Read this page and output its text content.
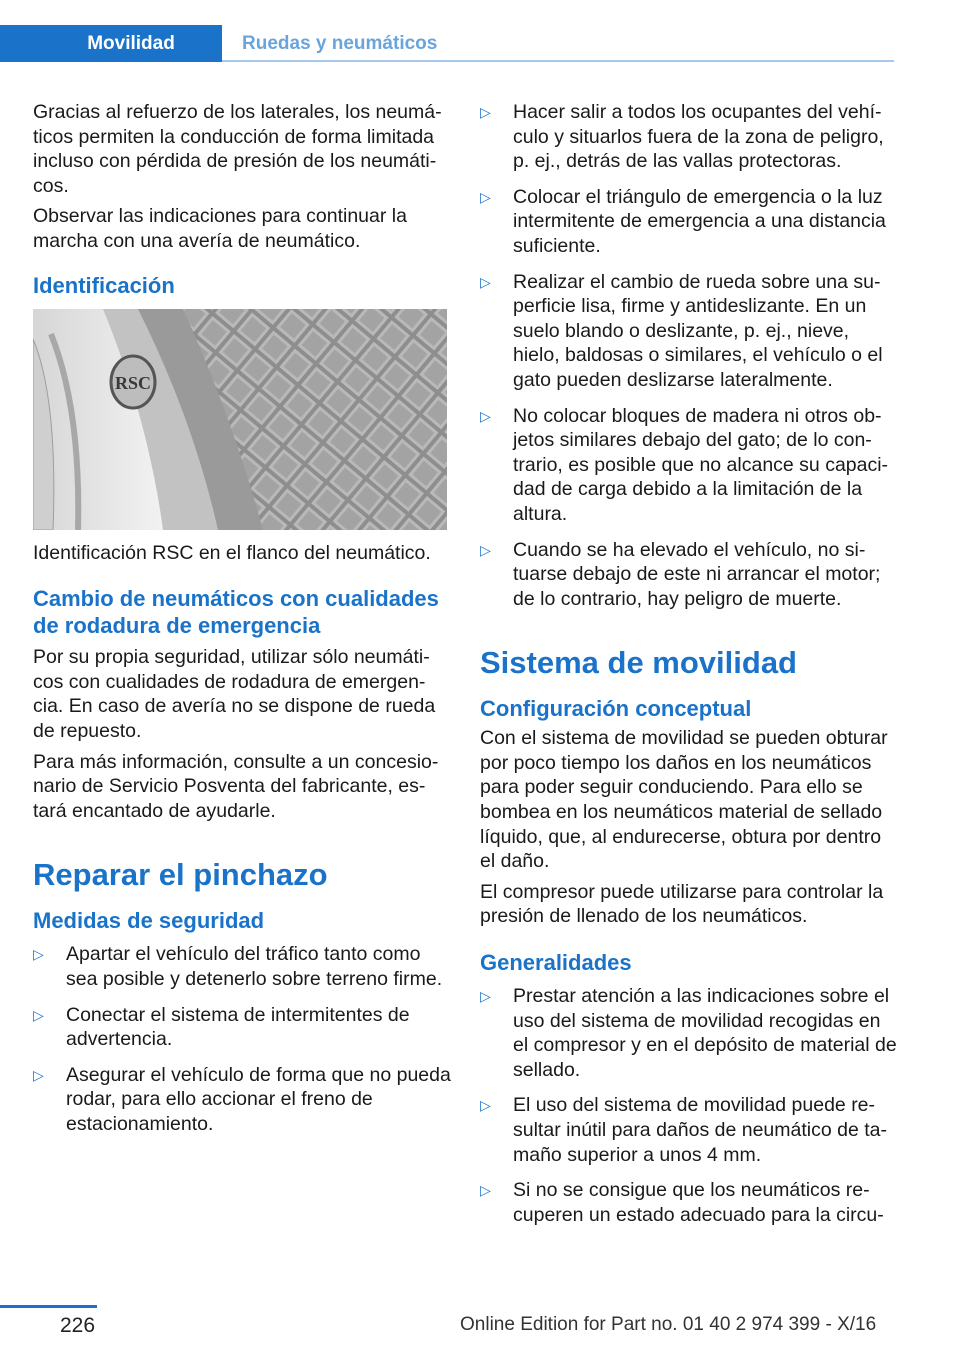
Movilidad	Ruedas y neumáticos

Gracias al refuerzo de los laterales, los neumá‐ticos permiten la conducción de forma limitada incluso con pérdida de presión de los neumáti‐cos.

Observar las indicaciones para continuar la marcha con una avería de neumático.

Identificación
RSC

Identificación RSC en el flanco del neumático.

Cambio de neumáticos con cualidades de rodadura de emergencia

Por su propia seguridad, utilizar sólo neumáti‐cos con cualidades de rodadura de emergen‐cia. En caso de avería no se dispone de rueda de repuesto.

Para más información, consulte a un concesio‐nario de Servicio Posventa del fabricante, es‐tará encantado de ayudarle.

Reparar el pinchazo
Medidas de seguridad
▷ Apartar el vehículo del tráfico tanto como sea posible y detenerlo sobre terreno firme.
▷ Conectar el sistema de intermitentes de advertencia.
▷ Asegurar el vehículo de forma que no pueda rodar, para ello accionar el freno de estacionamiento.
▷ Hacer salir a todos los ocupantes del vehí‐culo y situarlos fuera de la zona de peligro, p. ej., detrás de las vallas protectoras.
▷ Colocar el triángulo de emergencia o la luz intermitente de emergencia a una distancia suficiente.
▷ Realizar el cambio de rueda sobre una su‐perficie lisa, firme y antideslizante. En un suelo blando o deslizante, p. ej., nieve, hielo, baldosas o similares, el vehículo o el gato pueden deslizarse lateralmente.
▷ No colocar bloques de madera ni otros ob‐jetos similares debajo del gato; de lo con‐trario, es posible que no alcance su capaci‐dad de carga debido a la limitación de la altura.
▷ Cuando se ha elevado el vehículo, no si‐tuarse debajo de este ni arrancar el motor; de lo contrario, hay peligro de muerte.
Sistema de movilidad
Configuración conceptual

Con el sistema de movilidad se pueden obturar por poco tiempo los daños en los neumáticos para poder seguir conduciendo. Para ello se bombea en los neumáticos material de sellado líquido, que, al endurecerse, obtura por dentro el daño.

El compresor puede utilizarse para controlar la presión de llenado de los neumáticos.

Generalidades
▷ Prestar atención a las indicaciones sobre el uso del sistema de movilidad recogidas en el compresor y en el depósito de material de sellado.
▷ El uso del sistema de movilidad puede re‐sultar inútil para daños de neumático de ta‐maño superior a unos 4 mm.
▷ Si no se consigue que los neumáticos re‐cuperen un estado adecuado para la circu‐
226	Online Edition for Part no. 01 40 2 974 399 - X/16
